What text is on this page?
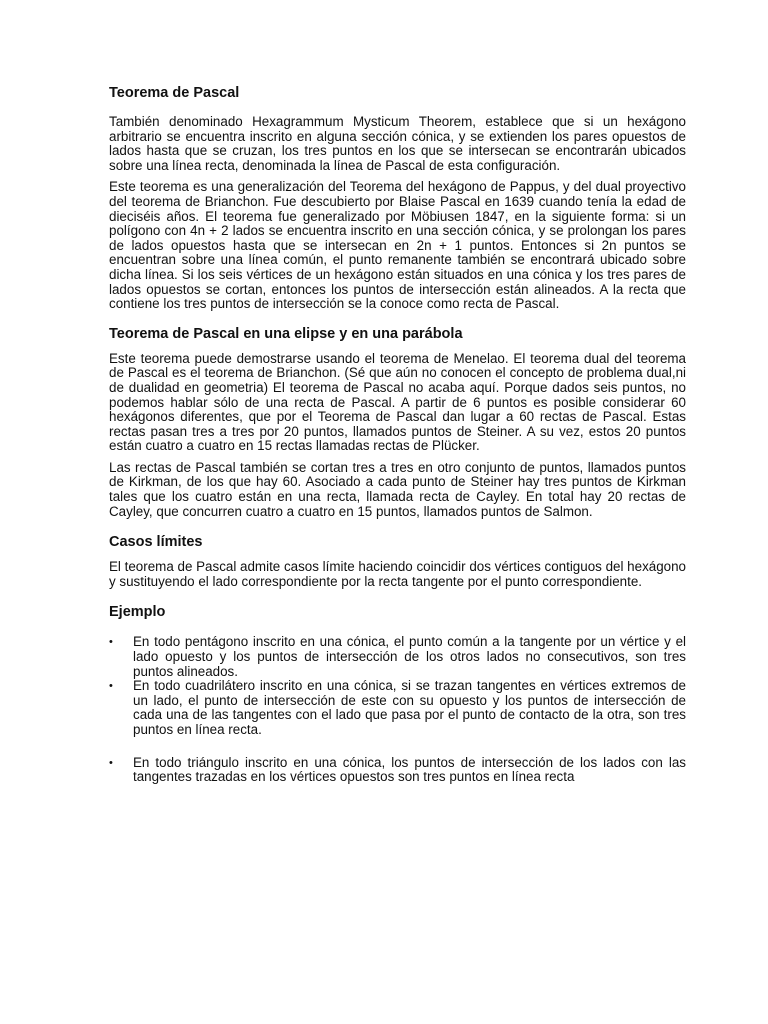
Teorema de Pascal

También denominado Hexagrammum Mysticum Theorem, establece que si un hexágono arbitrario se encuentra inscrito en alguna sección cónica, y se extienden los pares opuestos de lados hasta que se cruzan, los tres puntos en los que se intersecan se encontrarán ubicados sobre una línea recta, denominada la línea de Pascal de esta configuración.

Este teorema es una generalización del Teorema del hexágono de Pappus, y del dual proyectivo del teorema de Brianchon. Fue descubierto por Blaise Pascal en 1639 cuando tenía la edad de dieciséis años. El teorema fue generalizado por Möbiusen 1847, en la siguiente forma: si un polígono con 4n + 2 lados se encuentra inscrito en una sección cónica, y se prolongan los pares de lados opuestos hasta que se intersecan en 2n + 1 puntos. Entonces si 2n puntos se encuentran sobre una línea común, el punto remanente también se encontrará ubicado sobre dicha línea. Si los seis vértices de un hexágono están situados en una cónica y los tres pares de lados opuestos se cortan, entonces los puntos de intersección están alineados. A la recta que contiene los tres puntos de intersección se la conoce como recta de Pascal.

Teorema de Pascal en una elipse y en una parábola

Este teorema puede demostrarse usando el teorema de Menelao. El teorema dual del teorema de Pascal es el teorema de Brianchon. (Sé que aún no conocen el concepto de problema dual,ni de dualidad en geometria) El teorema de Pascal no acaba aquí. Porque dados seis puntos, no podemos hablar sólo de una recta de Pascal. A partir de 6 puntos es posible considerar 60 hexágonos diferentes, que por el Teorema de Pascal dan lugar a 60 rectas de Pascal. Estas rectas pasan tres a tres por 20 puntos, llamados puntos de Steiner. A su vez, estos 20 puntos están cuatro a cuatro en 15 rectas llamadas rectas de Plücker.

Las rectas de Pascal también se cortan tres a tres en otro conjunto de puntos, llamados puntos de Kirkman, de los que hay 60. Asociado a cada punto de Steiner hay tres puntos de Kirkman tales que los cuatro están en una recta, llamada recta de Cayley. En total hay 20 rectas de Cayley, que concurren cuatro a cuatro en 15 puntos, llamados puntos de Salmon.

Casos límites

El teorema de Pascal admite casos límite haciendo coincidir dos vértices contiguos del hexágono y sustituyendo el lado correspondiente por la recta tangente por el punto correspondiente.

Ejemplo
•	En todo pentágono inscrito en una cónica, el punto común a la tangente por un vértice y el lado opuesto y los puntos de intersección de los otros lados no consecutivos, son tres puntos alineados.
•	En todo cuadrilátero inscrito en una cónica, si se trazan tangentes en vértices extremos de un lado, el punto de intersección de este con su opuesto y los puntos de intersección de cada una de las tangentes con el lado que pasa por el punto de contacto de la otra, son tres puntos en línea recta.
•	En todo triángulo inscrito en una cónica, los puntos de intersección de los lados con las tangentes trazadas en los vértices opuestos son tres puntos en línea recta
